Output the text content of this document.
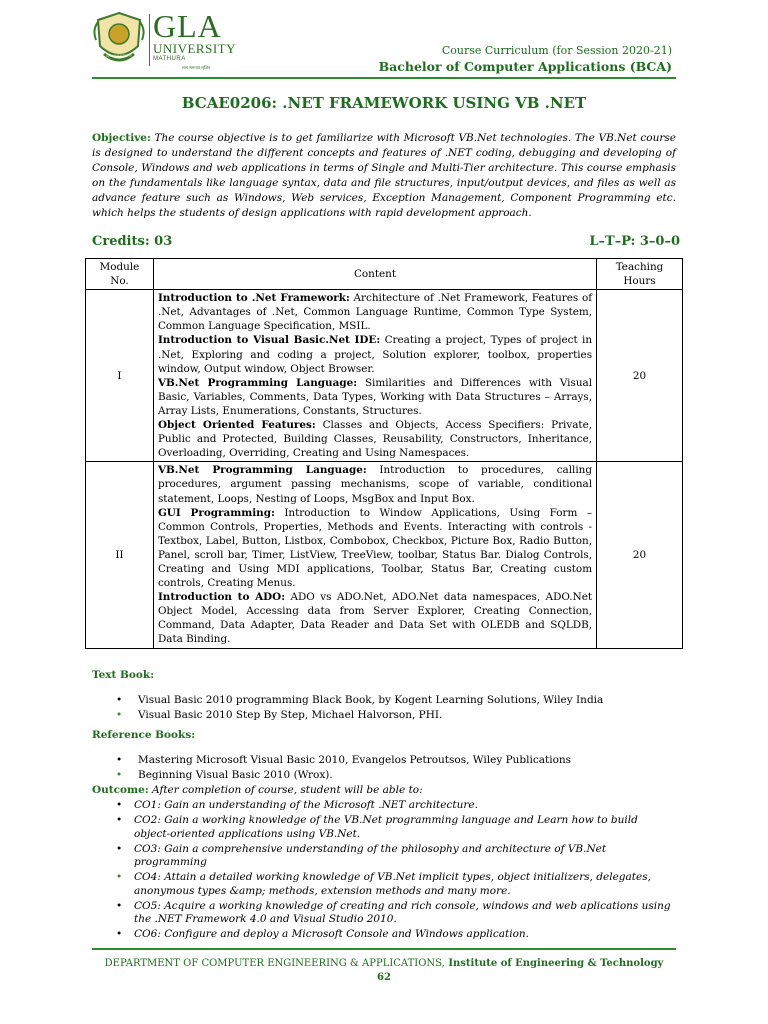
GLA UNIVERSITY
GLA
UNIVERSITY
MATHURA
सत्य समन्वय सृजित
Course Curriculum (for Session 2020-21)
Bachelor of Computer Applications (BCA)
BCAE0206: .NET FRAMEWORK USING VB .NET
Objective: The course objective is to get familiarize with Microsoft VB.Net technologies. The VB.Net course is designed to understand the different concepts and features of .NET coding, debugging and developing of Console, Windows and web applications in terms of Single and Multi-Tier architecture. This course emphasis on the fundamentals like language syntax, data and file structures, input/output devices, and files as well as advance feature such as Windows, Web services, Exception Management, Component Programming etc. which helps the students of design applications with rapid development approach.
Credits: 03	L–T–P: 3–0–0
Module No.	Content	Teaching Hours
I	Introduction to .Net Framework: Architecture of .Net Framework, Features of .Net, Advantages of .Net, Common Language Runtime, Common Type System, Common Language Specification, MSIL.

Introduction to Visual Basic.Net IDE: Creating a project, Types of project in .Net, Exploring and coding a project, Solution explorer, toolbox, properties window, Output window, Object Browser.

VB.Net Programming Language: Similarities and Differences with Visual Basic, Variables, Comments, Data Types, Working with Data Structures – Arrays, Array Lists, Enumerations, Constants, Structures.

Object Oriented Features: Classes and Objects, Access Specifiers: Private, Public and Protected, Building Classes, Reusability, Constructors, Inheritance, Overloading, Overriding, Creating and Using Namespaces.	20
II	VB.Net Programming Language: Introduction to procedures, calling procedures, argument passing mechanisms, scope of variable, conditional statement, Loops, Nesting of Loops, MsgBox and Input Box.

GUI Programming: Introduction to Window Applications, Using Form – Common Controls, Properties, Methods and Events. Interacting with controls - Textbox, Label, Button, Listbox, Combobox, Checkbox, Picture Box, Radio Button, Panel, scroll bar, Timer, ListView, TreeView, toolbar, Status Bar. Dialog Controls, Creating and Using MDI applications, Toolbar, Status Bar, Creating custom controls, Creating Menus.

Introduction to ADO: ADO vs ADO.Net, ADO.Net data namespaces, ADO.Net Object Model, Accessing data from Server Explorer, Creating Connection, Command, Data Adapter, Data Reader and Data Set with OLEDB and SQLDB, Data Binding.	20
Text Book:
• Visual Basic 2010 programming Black Book, by Kogent Learning Solutions, Wiley India
• Visual Basic 2010 Step By Step, Michael Halvorson, PHI.
Reference Books:
• Mastering Microsoft Visual Basic 2010, Evangelos Petroutsos, Wiley Publications
• Beginning Visual Basic 2010 (Wrox).
Outcome: After completion of course, student will be able to:
• CO1: Gain an understanding of the Microsoft .NET architecture.
• CO2: Gain a working knowledge of the VB.Net programming language and Learn how to build object-oriented applications using VB.Net.
• CO3: Gain a comprehensive understanding of the philosophy and architecture of VB.Net programming
• CO4: Attain a detailed working knowledge of VB.Net implicit types, object initializers, delegates, anonymous types &amp; methods, extension methods and many more.
• CO5: Acquire a working knowledge of creating and rich console, windows and web aplications using the .NET Framework 4.0 and Visual Studio 2010.
• CO6: Configure and deploy a Microsoft Console and Windows application.
DEPARTMENT OF COMPUTER ENGINEERING & APPLICATIONS, Institute of Engineering & Technology
62
